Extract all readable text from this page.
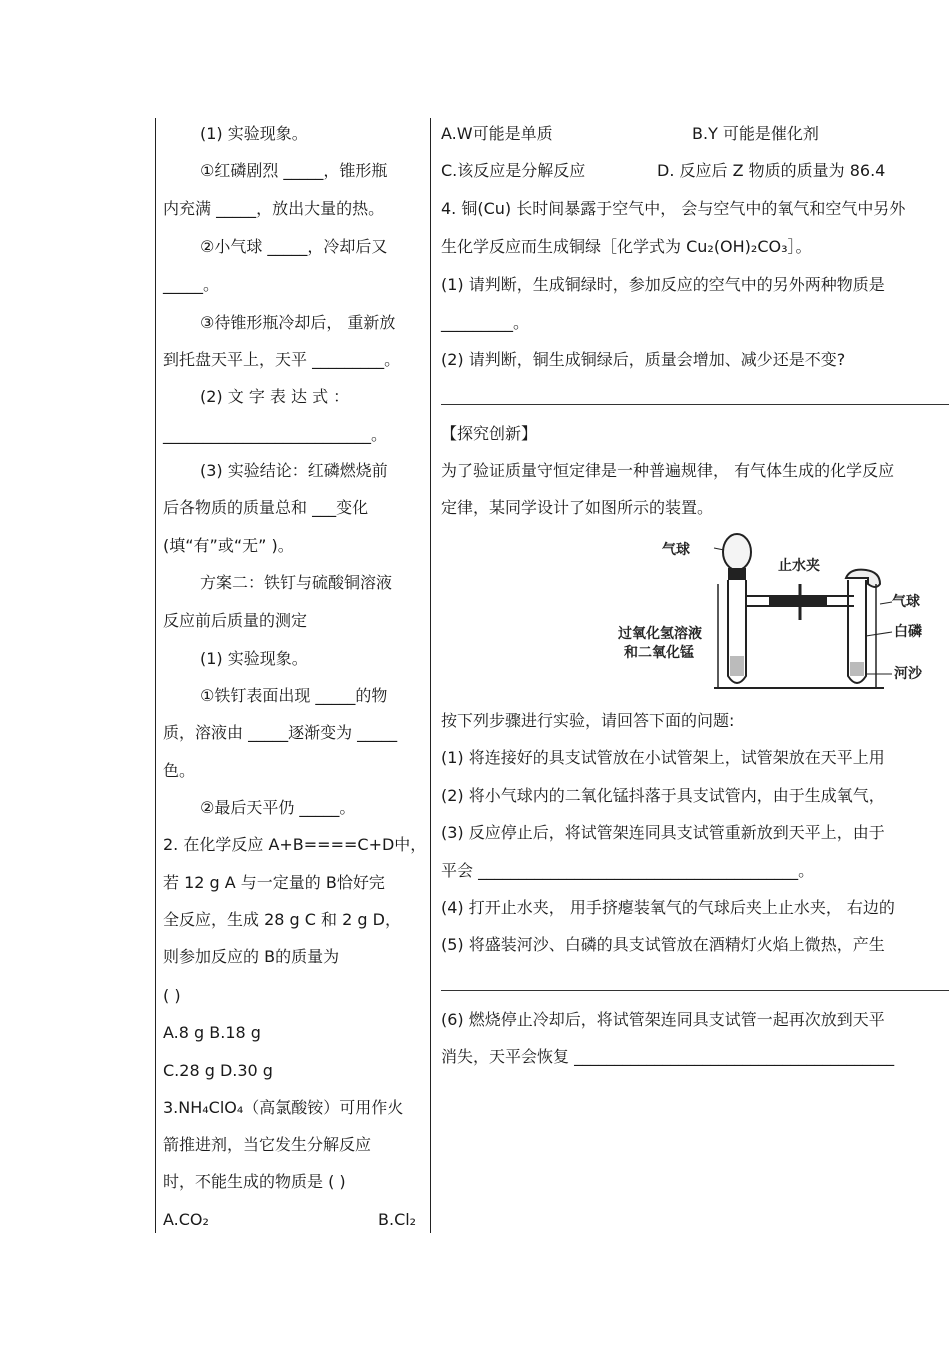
(1) 实验现象。
①红磷剧烈 _____，锥形瓶
内充满 _____，放出大量的热。
②小气球 _____，冷却后又
_____。
③待锥形瓶冷却后， 重新放
到托盘天平上，天平 _________。
(2) 文 字 表 达 式 ：
__________________________。
(3) 实验结论：红磷燃烧前
后各物质的质量总和 ___变化
(填“有”或“无” )。
方案二：铁钉与硫酸铜溶液
反应前后质量的测定
(1) 实验现象。
①铁钉表面出现 _____的物
质，溶液由 _____逐渐变为 _____
色。
②最后天平仍 _____。
2. 在化学反应 A+B====C+D中，
若 12 g A 与一定量的 B恰好完
全反应，生成 28 g C 和 2 g D，
则参加反应的 B的质量为
( )
A.8 g B.18 g
C.28 g D.30 g
3.NH₄ClO₄（高氯酸铵）可用作火
箭推进剂，当它发生分解反应
时，不能生成的物质是 ( )
A.CO₂	B.Cl₂
A.W可能是单质	B.Y 可能是催化剂
C.该反应是分解反应	D. 反应后 Z 物质的质量为 86.4
4. 铜(Cu) 长时间暴露于空气中， 会与空气中的氧气和空气中另外
生化学反应而生成铜绿［化学式为 Cu₂(OH)₂CO₃］。
(1) 请判断，生成铜绿时，参加反应的空气中的另外两种物质是
_________。
(2) 请判断，铜生成铜绿后，质量会增加、减少还是不变?
【探究创新】
为了验证质量守恒定律是一种普遍规律， 有气体生成的化学反应
定律，某同学设计了如图所示的装置。
气球
止水夹
气球
过氧化氢溶液
和二氧化锰
白磷
河沙
按下列步骤进行实验，请回答下面的问题:
(1) 将连接好的具支试管放在小试管架上，试管架放在天平上用
(2) 将小气球内的二氧化锰抖落于具支试管内，由于生成氧气，
(3) 反应停止后，将试管架连同具支试管重新放到天平上，由于
平会 ________________________________________。
(4) 打开止水夹， 用手挤瘪装氧气的气球后夹上止水夹， 右边的
(5) 将盛装河沙、白磷的具支试管放在酒精灯火焰上微热，产生
(6) 燃烧停止冷却后，将试管架连同具支试管一起再次放到天平
消失，天平会恢复 ________________________________________
